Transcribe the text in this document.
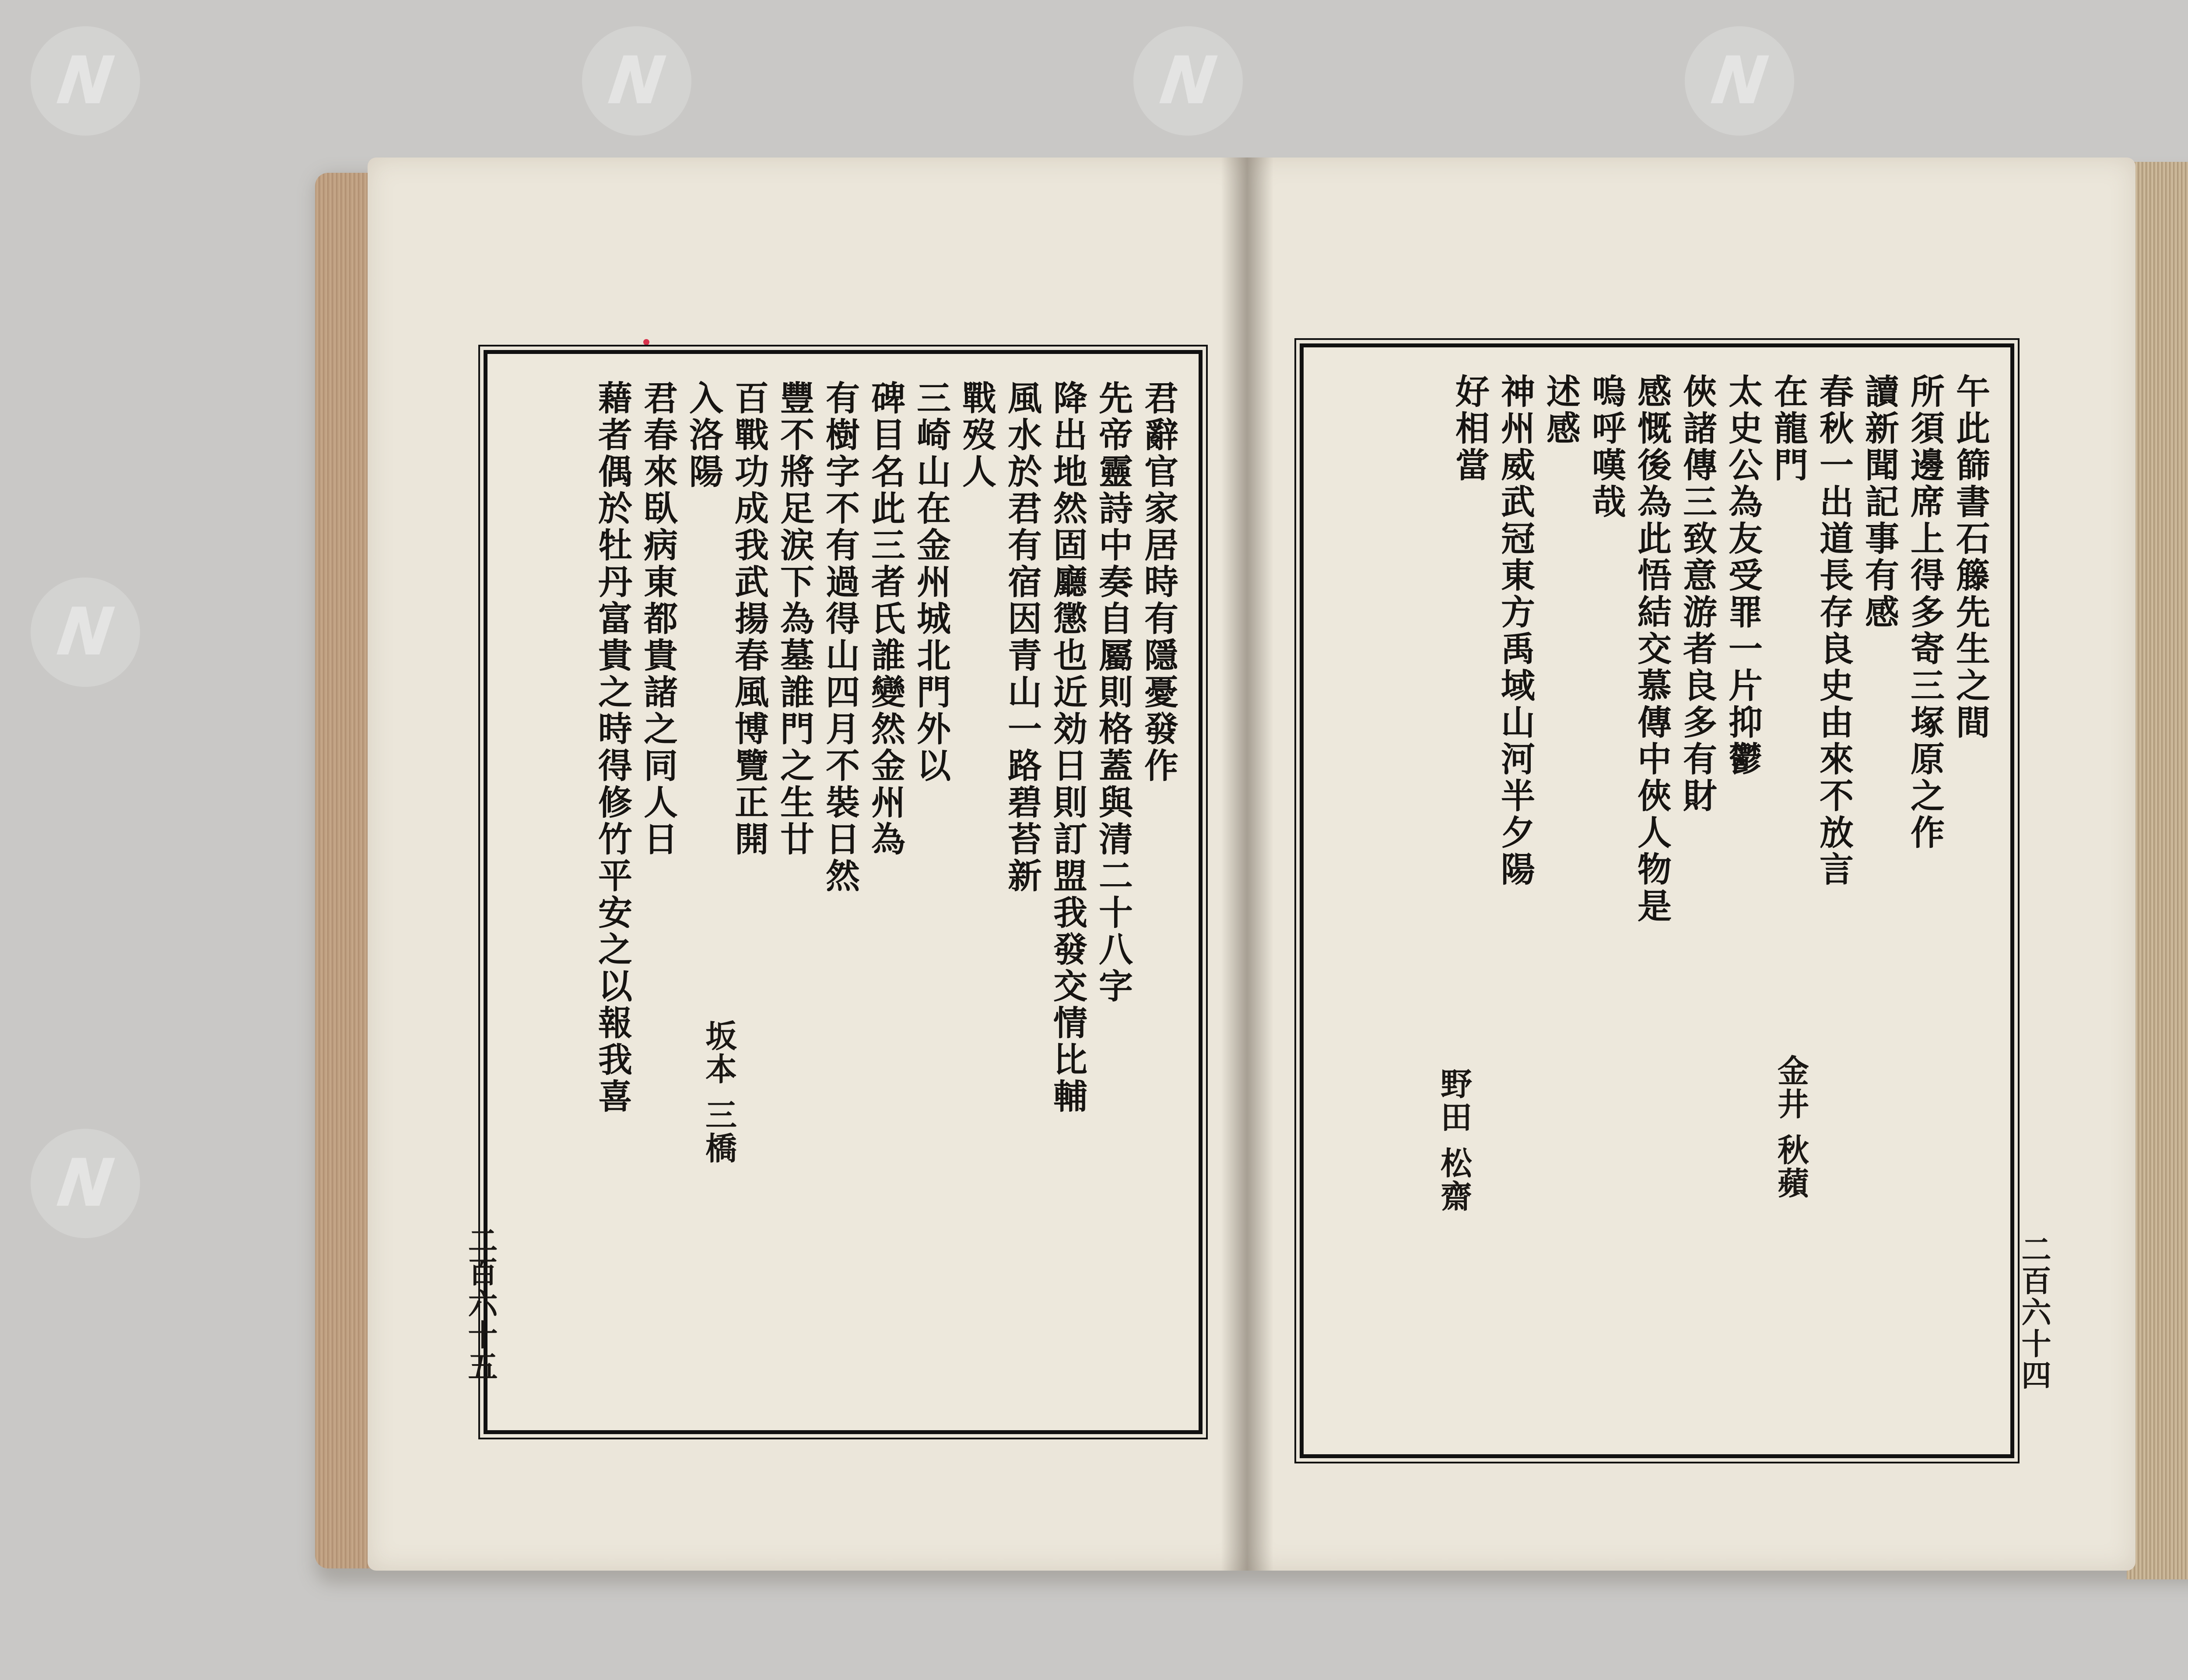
N	N	N	N
N
N
君辭官家居時有隱憂發作
先帝靈詩中奏自屬則格蓋與清二十八字
降出地然固廳懲也近効日則訂盟我發交情比輔
風水於君有宿因青山一路碧苔新
戰歿人
三崎山在金州城北門外以
碑目名此三者氏誰變然金州為
有樹字不有過得山四月不裝日然
豐不將足涙下為墓誰門之生廿
百戰功成我武揚春風博覽正開
入洛陽
君春來臥病東都貴諸之同人日
藉者偶於牡丹富貴之時得修竹平安之以報我喜
二百六十五
午此篩書石籐先生之間
所須邊席上得多寄三塚原之作
讀新聞記事有感
春秋一出道長存良史由來不放言
在龍門
太史公為友受罪一片抑鬱
俠諸傳三致意游者良多有財
感慨後為此悟結交慕傳中俠人物是
嗚呼嘆哉
述感
神州威武冠東方禹域山河半夕陽
好相當
二百六十四
金井 秋蘋
野田 松齋
坂本 三橋
